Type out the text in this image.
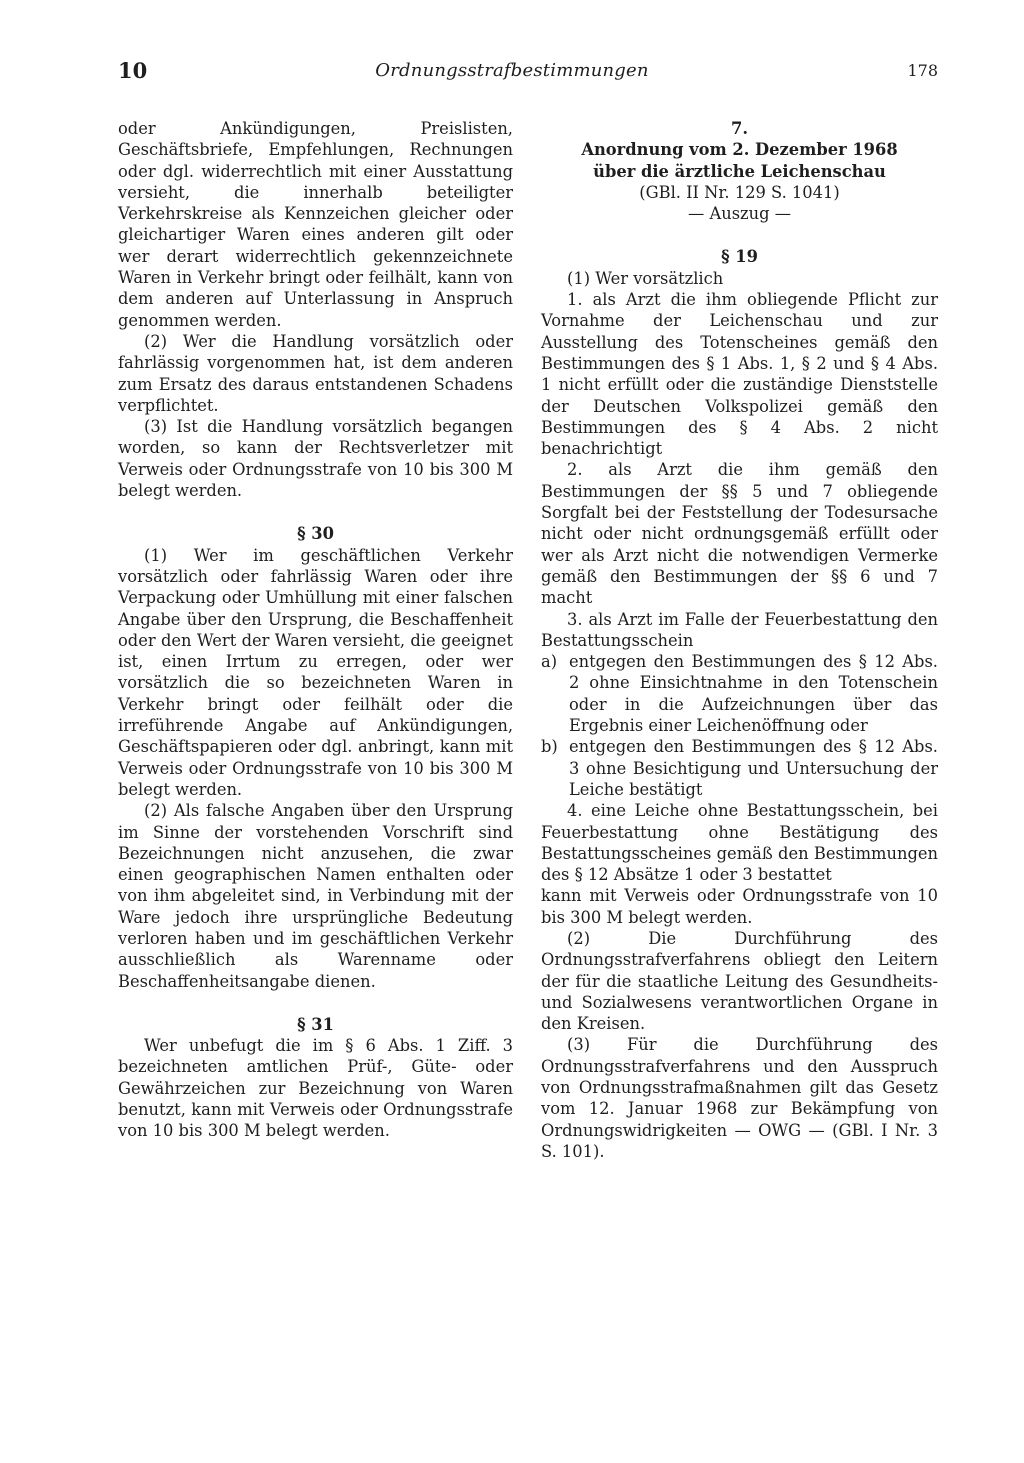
10	Ordnungsstrafbestimmungen	178

oder Ankündigungen, Preislisten, Geschäftsbriefe, Empfehlungen, Rechnungen oder dgl. widerrechtlich mit einer Ausstattung versieht, die innerhalb beteiligter Verkehrskreise als Kennzeichen gleicher oder gleichartiger Waren eines anderen gilt oder wer derart widerrechtlich gekennzeichnete Waren in Verkehr bringt oder feilhält, kann von dem anderen auf Unterlassung in Anspruch genommen werden.

(2) Wer die Handlung vorsätzlich oder fahrlässig vorgenommen hat, ist dem anderen zum Ersatz des daraus entstandenen Schadens verpflichtet.

(3) Ist die Handlung vorsätzlich begangen worden, so kann der Rechtsverletzer mit Verweis oder Ordnungsstrafe von 10 bis 300 M belegt werden.

§ 30

(1) Wer im geschäftlichen Verkehr vorsätzlich oder fahrlässig Waren oder ihre Verpackung oder Umhüllung mit einer falschen Angabe über den Ursprung, die Beschaffenheit oder den Wert der Waren versieht, die geeignet ist, einen Irrtum zu erregen, oder wer vorsätzlich die so bezeichneten Waren in Verkehr bringt oder feilhält oder die irreführende Angabe auf Ankündigungen, Geschäftspapieren oder dgl. anbringt, kann mit Verweis oder Ordnungsstrafe von 10 bis 300 M belegt werden.

(2) Als falsche Angaben über den Ursprung im Sinne der vorstehenden Vorschrift sind Bezeichnungen nicht anzusehen, die zwar einen geographischen Namen enthalten oder von ihm abgeleitet sind, in Verbindung mit der Ware jedoch ihre ursprüngliche Bedeutung verloren haben und im geschäftlichen Verkehr ausschließlich als Warenname oder Beschaffenheitsangabe dienen.

§ 31

Wer unbefugt die im § 6 Abs. 1 Ziff. 3 bezeichneten amtlichen Prüf-, Güte- oder Gewährzeichen zur Bezeichnung von Waren benutzt, kann mit Verweis oder Ordnungsstrafe von 10 bis 300 M belegt werden.

7.

Anordnung vom 2. Dezember 1968

über die ärztliche Leichenschau

(GBl. II Nr. 129 S. 1041)

— Auszug —

§ 19

(1) Wer vorsätzlich

1. als Arzt die ihm obliegende Pflicht zur Vornahme der Leichenschau und zur Ausstellung des Totenscheines gemäß den Bestimmungen des § 1 Abs. 1, § 2 und § 4 Abs. 1 nicht erfüllt oder die zuständige Dienststelle der Deutschen Volkspolizei gemäß den Bestimmungen des § 4 Abs. 2 nicht benachrichtigt

2. als Arzt die ihm gemäß den Bestimmungen der §§ 5 und 7 obliegende Sorgfalt bei der Feststellung der Todesursache nicht oder nicht ordnungsgemäß erfüllt oder wer als Arzt nicht die notwendigen Vermerke gemäß den Bestimmungen der §§ 6 und 7 macht

3. als Arzt im Falle der Feuerbestattung den Bestattungsschein

a) entgegen den Bestimmungen des § 12 Abs. 2 ohne Einsichtnahme in den Totenschein oder in die Aufzeichnungen über das Ergebnis einer Leichenöffnung oder
b) entgegen den Bestimmungen des § 12 Abs. 3 ohne Besichtigung und Untersuchung der Leiche bestätigt

4. eine Leiche ohne Bestattungsschein, bei Feuerbestattung ohne Bestätigung des Bestattungsscheines gemäß den Bestimmungen des § 12 Absätze 1 oder 3 bestattet

kann mit Verweis oder Ordnungsstrafe von 10 bis 300 M belegt werden.

(2) Die Durchführung des Ordnungsstrafverfahrens obliegt den Leitern der für die staatliche Leitung des Gesundheits- und Sozialwesens verantwortlichen Organe in den Kreisen.

(3) Für die Durchführung des Ordnungsstrafverfahrens und den Ausspruch von Ordnungsstrafmaßnahmen gilt das Gesetz vom 12. Januar 1968 zur Bekämpfung von Ordnungswidrigkeiten — OWG — (GBl. I Nr. 3 S. 101).
